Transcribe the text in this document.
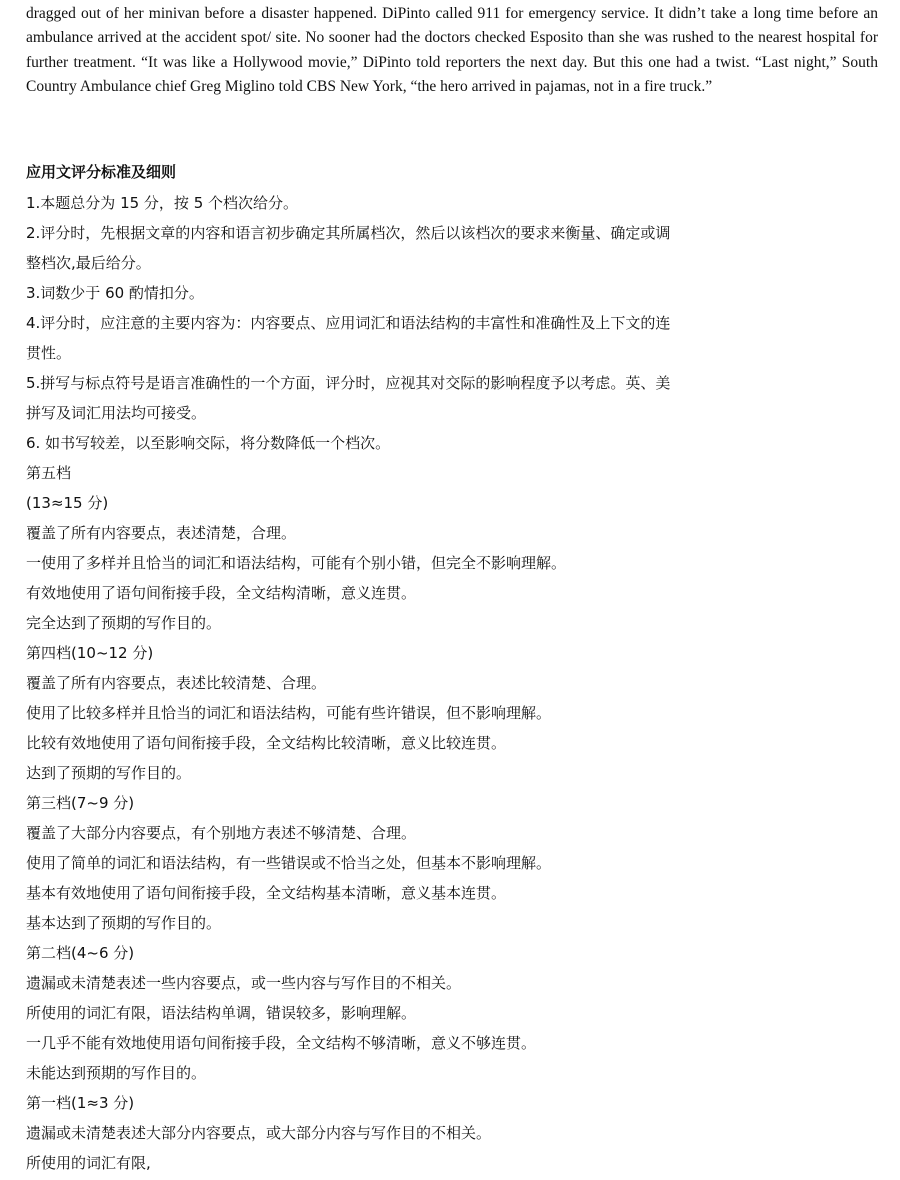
dragged out of her minivan before a disaster happened. DiPinto called 911 for emergency service. It didn’t take a long time before an ambulance arrived at the accident spot/ site. No sooner had the doctors checked Esposito than she was rushed to the nearest hospital for further treatment. “It was like a Hollywood movie,” DiPinto told reporters the next day. But this one had a twist. “Last night,” South Country Ambulance chief Greg Miglino told CBS New York, “the hero arrived in pajamas, not in a fire truck.”

应用文评分标准及细则
1.本题总分为 15 分，按 5 个档次给分。
2.评分时，先根据文章的内容和语言初步确定其所属档次，然后以该档次的要求来衡量、确定或调
整档次,最后给分。
3.词数少于 60 酌情扣分。
4.评分时，应注意的主要内容为：内容要点、应用词汇和语法结构的丰富性和准确性及上下文的连
贯性。
5.拼写与标点符号是语言准确性的一个方面，评分时，应视其对交际的影响程度予以考虑。英、美
拼写及词汇用法均可接受。
6. 如书写较差，以至影响交际，将分数降低一个档次。
第五档
(13≈15 分)
覆盖了所有内容要点，表述清楚，合理。
一使用了多样并且恰当的词汇和语法结构，可能有个别小错，但完全不影响理解。
有效地使用了语句间衔接手段，全文结构清晰，意义连贯。
完全达到了预期的写作目的。
第四档(10~12 分)
覆盖了所有内容要点，表述比较清楚、合理。
使用了比较多样并且恰当的词汇和语法结构，可能有些许错误，但不影响理解。
比较有效地使用了语句间衔接手段，全文结构比较清晰，意义比较连贯。
达到了预期的写作目的。
第三档(7~9 分)
覆盖了大部分内容要点，有个别地方表述不够清楚、合理。
使用了简单的词汇和语法结构，有一些错误或不恰当之处，但基本不影响理解。
基本有效地使用了语句间衔接手段，全文结构基本清晰，意义基本连贯。
基本达到了预期的写作目的。
第二档(4~6 分)
遗漏或未清楚表述一些内容要点，或一些内容与写作目的不相关。
所使用的词汇有限，语法结构单调，错误较多，影响理解。
一几乎不能有效地使用语句间衔接手段，全文结构不够清晰，意义不够连贯。
未能达到预期的写作目的。
第一档(1≈3 分)
遗漏或未清楚表述大部分内容要点，或大部分内容与写作目的不相关。
所使用的词汇有限,
